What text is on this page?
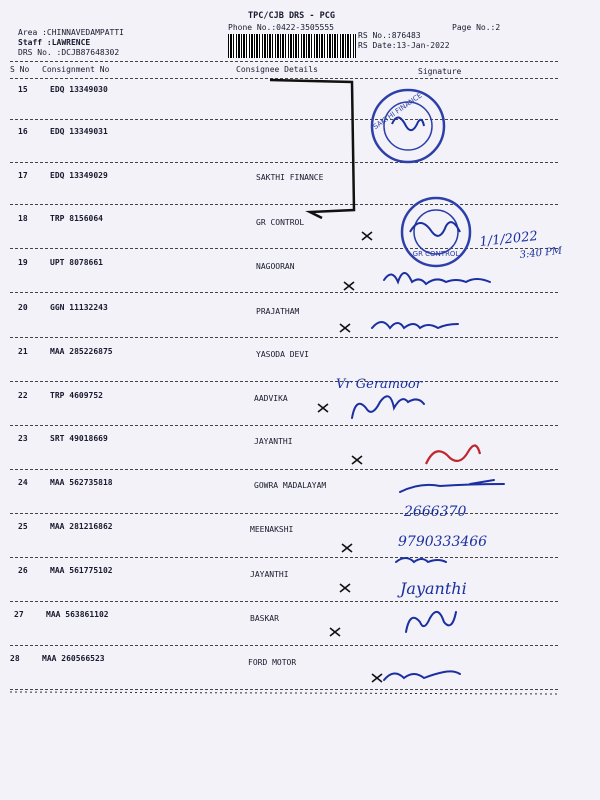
TPC/CJB DRS - PCG
Phone No.:0422-3505555	Page No.:2
Area :CHINNAVEDAMPATTI
Staff :LAWRENCE
DRS No. :DCJB87648302
RS No.:876483
RS Date:13-Jan-2022
S No Consignment No	Consignee Details	Signature
15	EDQ 13349030
16	EDQ 13349031
17	EDQ 13349029	SAKTHI FINANCE
18	TRP 8156064	GR CONTROL
19	UPT 8078661	NAGOORAN
20	GGN 11132243	PRAJATHAM
21	MAA 285226875	YASODA DEVI
22	TRP 4609752	AADVIKA
23	SRT 49018669	JAYANTHI
24	MAA 562735818	GOWRA MADALAYAM
25	MAA 281216862	MEENAKSHI
26	MAA 561775102	JAYANTHI
27	MAA 563861102	BASKAR
28	MAA 260566523	FORD MOTOR
SAKTHI FINANCE
GR CONTROL
1/1/2022
3:40 PM
Vr Geramoor
2666370
9790333466
Jayanthi
